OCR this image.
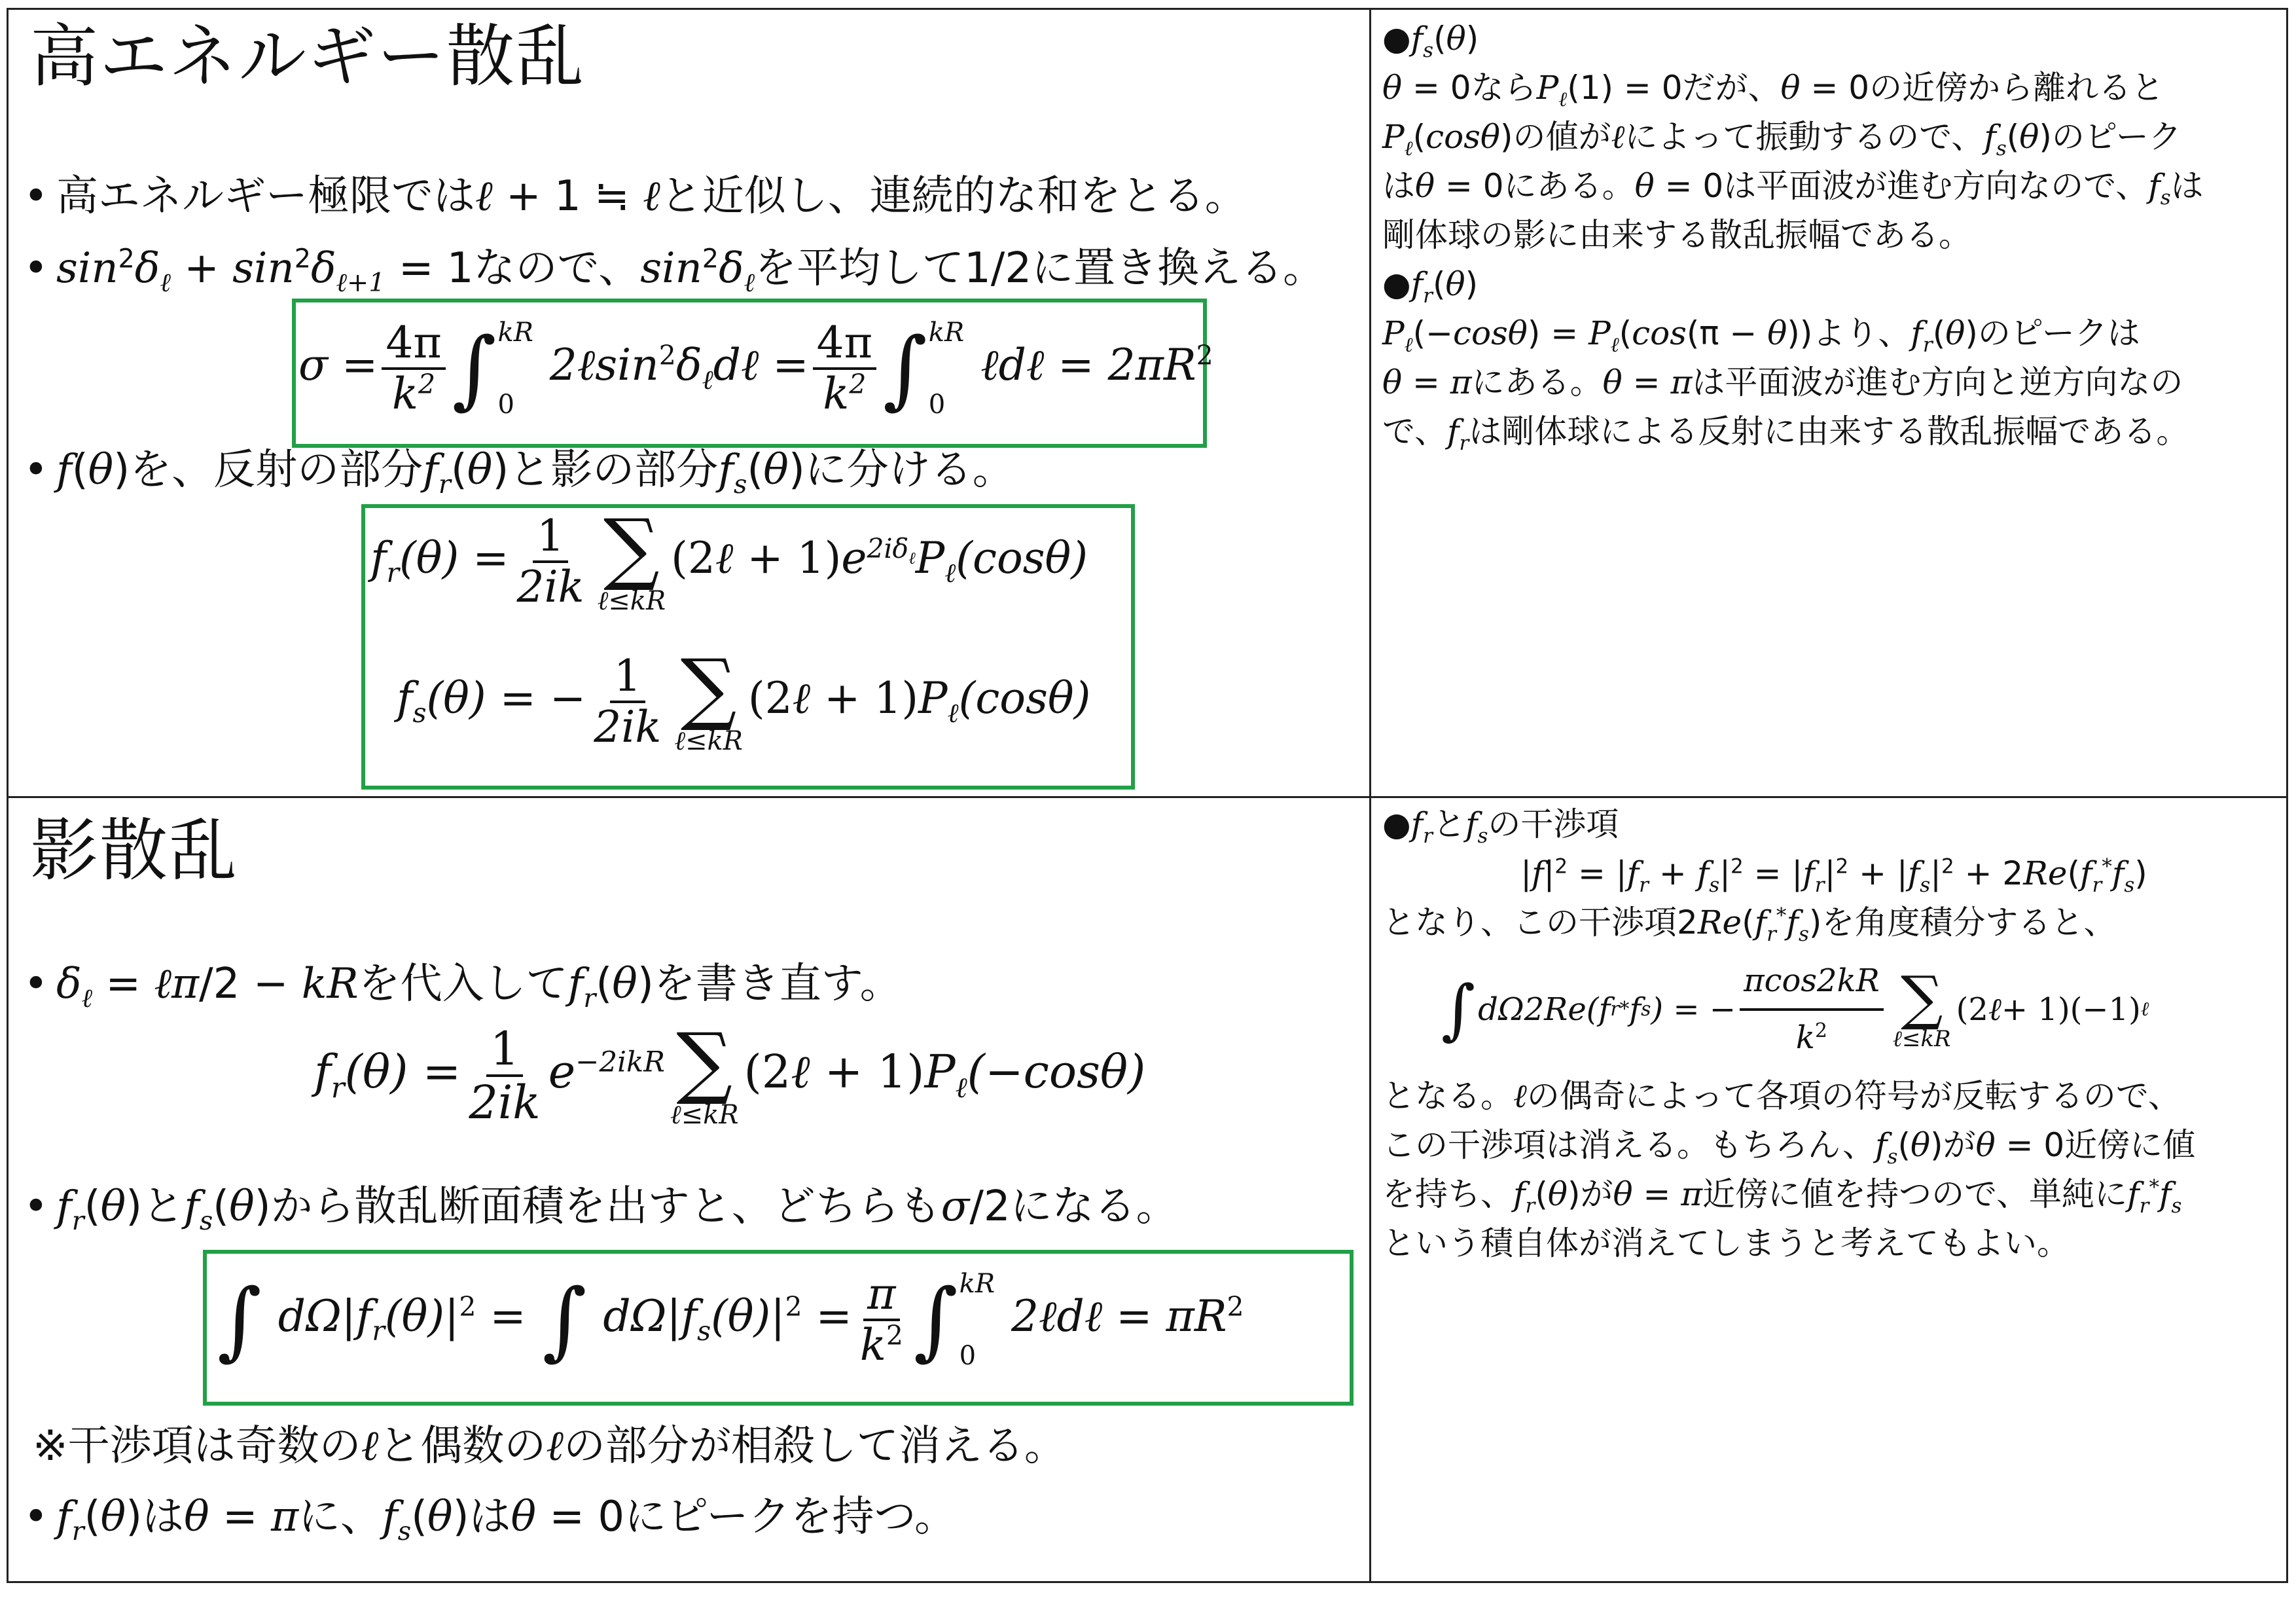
高エネルギー散乱
• 高エネルギー極限ではℓ + 1 ≒ ℓと近似し、連続的な和をとる。
• $\sin^2\delta_\ell + \sin^2\delta_{\ell+1} = 1$なので、$\sin^2\delta_\ell$を平均して1/2に置き換える。
$\sigma = \frac{4\pi}{k^2}$ ∫ kR
0
$2\ell\sin^2\delta_\ell d\ell = \frac{4\pi}{k^2}$ ∫ kR
0
ℓdℓ = $2\pi R^2$
• f(θ)を、反射の部分$f_r(\theta)$と影の部分$f_s(\theta)$に分ける。
$f_r(\theta) = \frac{1}{2ik}$ ∑
ℓ≤kR
(2ℓ + $1)e^{2i\delta_\ell}P_\ell(\cos\theta)$
$f_s(\theta)$ = − $\frac{1}{2ik}$ ∑
ℓ≤kR
(2ℓ + $1)P_\ell(\cos\theta)$

$●f_s(\theta)$

θ = 0なら$P_\ell(1) = 0$だが、θ = 0の近傍から離れると
$P_\ell(\cos\theta)$の値がℓによって振動するので、$f_s(\theta)$のピーク
はθ = 0にある。θ = 0は平面波が進む方向なので、$f_s$は
剛体球の影に由来する散乱振幅である。

$●f_r(\theta)$

$P_\ell(-\cos\theta) = P_\ell(\cos(\pi - \theta))$より、$f_r(\theta)$のピークは
θ = πにある。θ = πは平面波が進む方向と逆方向なの
で、$f_r$は剛体球による反射に由来する散乱振幅である。

影散乱
• $\delta_\ell$ = ℓπ/2 − kRを代入して$f_r(\theta)$を書き直す。
$f_r(\theta) = \frac{1}{2ik} e^{-2ikR}$ ∑
ℓ≤kR
(2ℓ + $1)P_\ell(-\cos\theta)$
• $f_r(\theta)$と$f_s(\theta)$から散乱断面積を出すと、どちらもσ/2になる。
∫ $d\Omega|f_r(\theta)|^2$ = ∫ $d\Omega|f_s(\theta)|^2 = \frac{\pi}{k^2}$ ∫ kR
0
2ℓdℓ = $\pi R^2$
※干渉項は奇数のℓと偶数のℓの部分が相殺して消える。
• $f_r(\theta)$はθ = πに、$f_s(\theta)$はθ = 0にピークを持つ。

$●f_r$と$f_s$の干渉項

$|f|^2 = |f_r + f_s|^2 = |f_r|^2 + |f_s|^2 + 2Re(f_r^*f_s)$

となり、この干渉項$2Re(f_r^*f_s)$を角度積分すると、

∫ dΩ2Re(f r * f s ) = − $\frac{\pi\cos 2kR}{k^2}$ ∑
ℓ≤kR
(2 ℓ + 1)(−1) ℓ

となる。ℓの偶奇によって各項の符号が反転するので、
この干渉項は消える。もちろん、$f_s(\theta)$がθ = 0近傍に値
を持ち、$f_r(\theta)$がθ = π近傍に値を持つので、単純に$f_r^*f_s$
という積自体が消えてしまうと考えてもよい。
